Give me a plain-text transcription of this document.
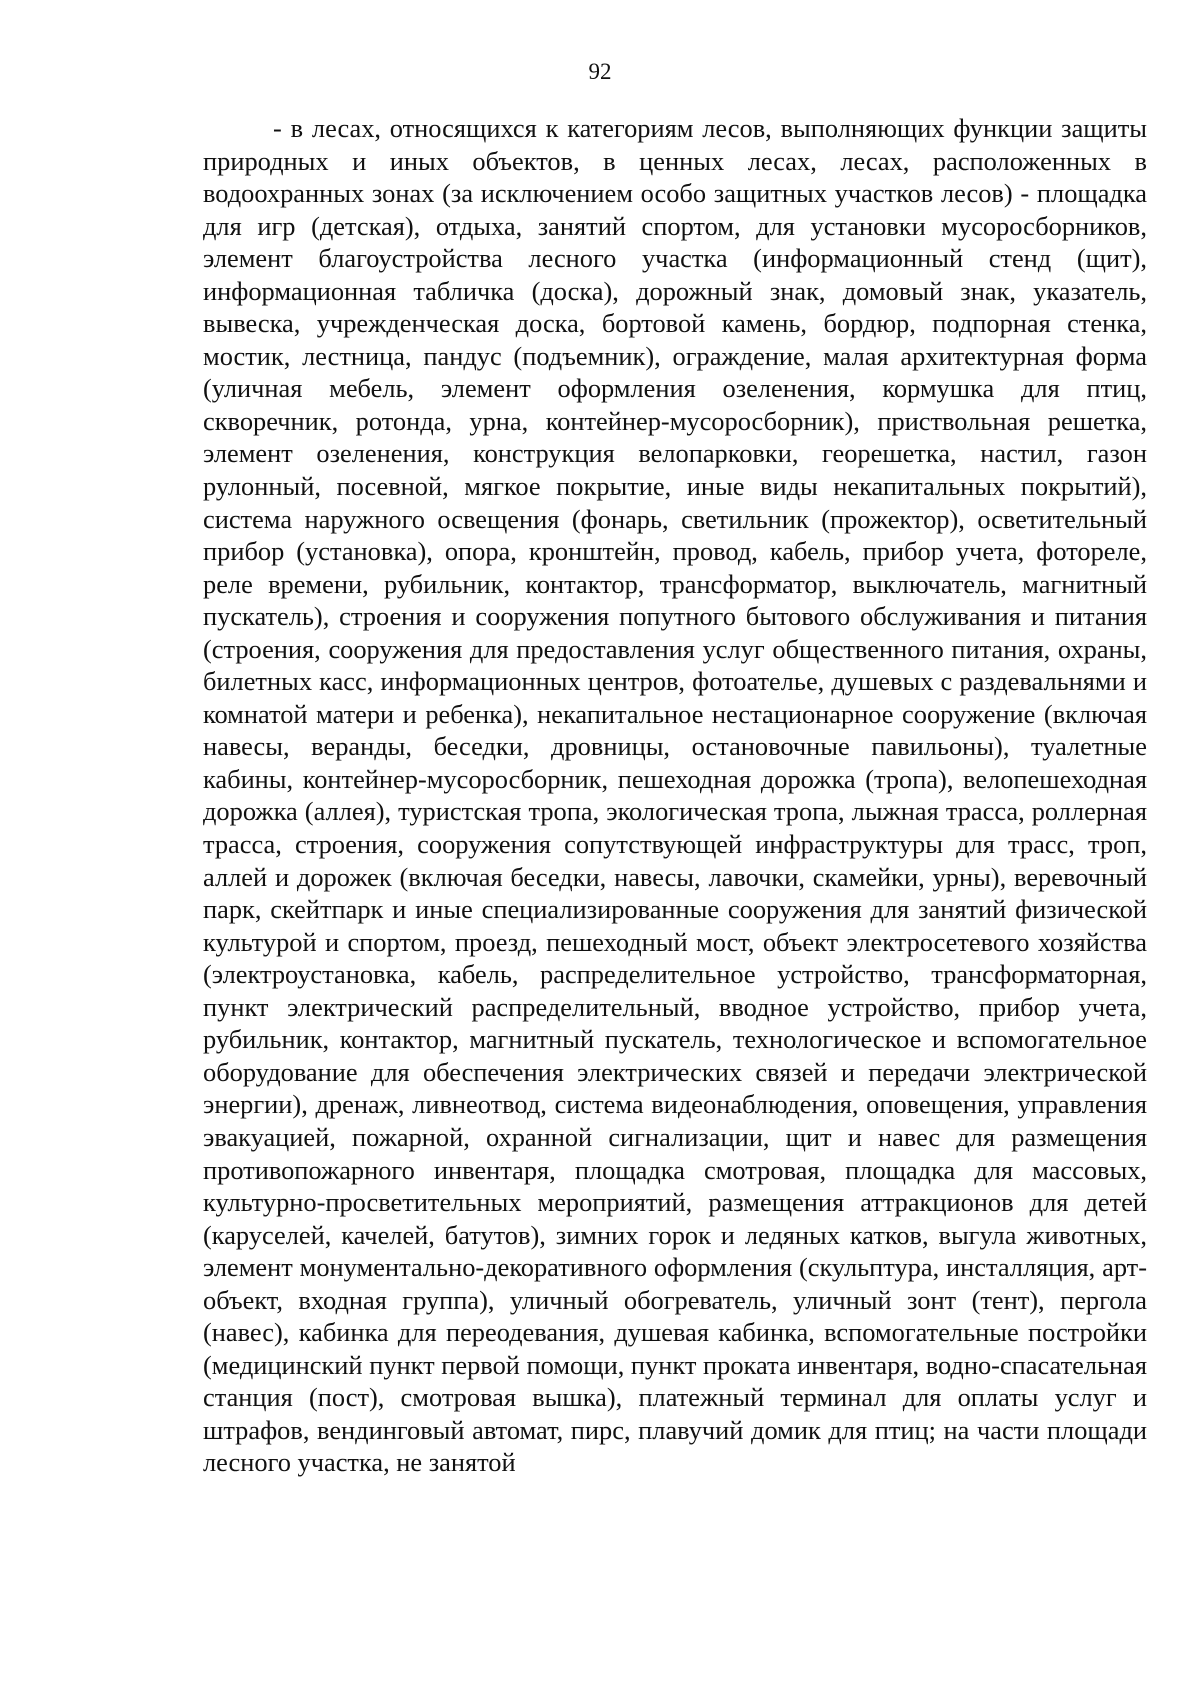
92

- в лесах, относящихся к категориям лесов, выполняющих функции защиты природных и иных объектов, в ценных лесах, лесах, расположенных в водоохранных зонах (за исключением особо защитных участков лесов) - площадка для игр (детская), отдыха, занятий спортом, для установки мусоросборников, элемент благоустройства лесного участка (информационный стенд (щит), информационная табличка (доска), дорожный знак, домовый знак, указатель, вывеска, учрежденческая доска, бортовой камень, бордюр, подпорная стенка, мостик, лестница, пандус (подъемник), ограждение, малая архитектурная форма (уличная мебель, элемент оформления озеленения, кормушка для птиц, скворечник, ротонда, урна, контейнер-мусоросборник), приствольная решетка, элемент озеленения, конструкция велопарковки, георешетка, настил, газон рулонный, посевной, мягкое покрытие, иные виды некапитальных покрытий), система наружного освещения (фонарь, светильник (прожектор), осветительный прибор (установка), опора, кронштейн, провод, кабель, прибор учета, фотореле, реле времени, рубильник, контактор, трансформатор, выключатель, магнитный пускатель), строения и сооружения попутного бытового обслуживания и питания (строения, сооружения для предоставления услуг общественного питания, охраны, билетных касс, информационных центров, фотоателье, душевых с раздевальнями и комнатой матери и ребенка), некапитальное нестационарное сооружение (включая навесы, веранды, беседки, дровницы, остановочные павильоны), туалетные кабины, контейнер-мусоросборник, пешеходная дорожка (тропа), велопешеходная дорожка (аллея), туристская тропа, экологическая тропа, лыжная трасса, роллерная трасса, строения, сооружения сопутствующей инфраструктуры для трасс, троп, аллей и дорожек (включая беседки, навесы, лавочки, скамейки, урны), веревочный парк, скейтпарк и иные специализированные сооружения для занятий физической культурой и спортом, проезд, пешеходный мост, объект электросетевого хозяйства (электроустановка, кабель, распределительное устройство, трансформаторная, пункт электрический распределительный, вводное устройство, прибор учета, рубильник, контактор, магнитный пускатель, технологическое и вспомогательное оборудование для обеспечения электрических связей и передачи электрической энергии), дренаж, ливнеотвод, система видеонаблюдения, оповещения, управления эвакуацией, пожарной, охранной сигнализации, щит и навес для размещения противопожарного инвентаря, площадка смотровая, площадка для массовых, культурно-просветительных мероприятий, размещения аттракционов для детей (каруселей, качелей, батутов), зимних горок и ледяных катков, выгула животных, элемент монументально-декоративного оформления (скульптура, инсталляция, арт-объект, входная группа), уличный обогреватель, уличный зонт (тент), пергола (навес), кабинка для переодевания, душевая кабинка, вспомогательные постройки (медицинский пункт первой помощи, пункт проката инвентаря, водно-спасательная станция (пост), смотровая вышка), платежный терминал для оплаты услуг и штрафов, вендинговый автомат, пирс, плавучий домик для птиц; на части площади лесного участка, не занятой
